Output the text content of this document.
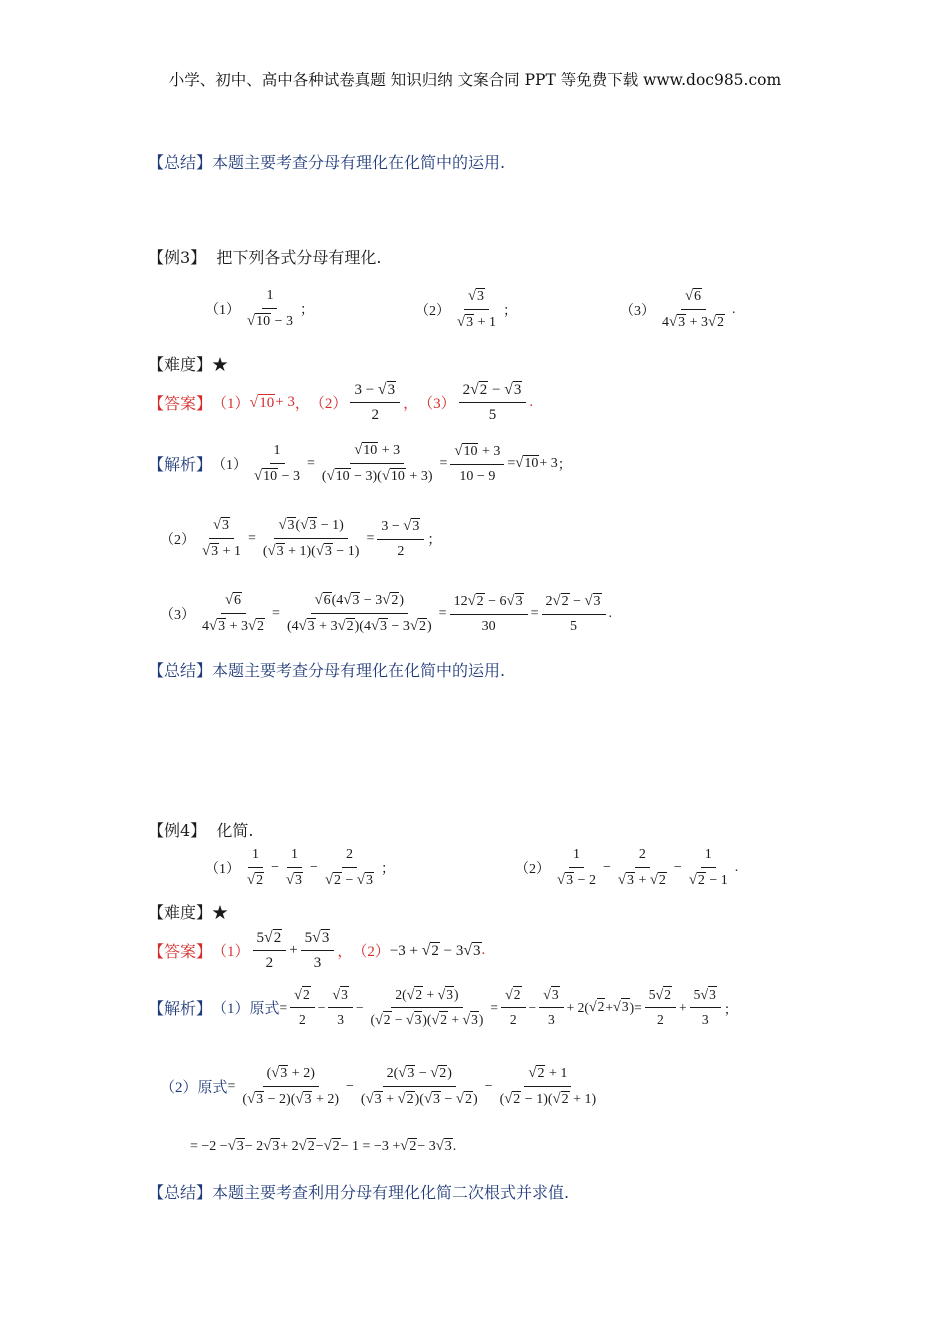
小学、初中、高中各种试卷真题 知识归纳 文案合同 PPT 等免费下载 www.doc985.com
【总结】本题主要考查分母有理化在化简中的运用.
【例3】 把下列各式分母有理化.
$(1) \frac{1}{√10 - 3}$ ；	$(2) \frac{√3}{√3 + 1}$ ；	$(3) \frac{√6}{4√3 + 3√2}$ .
【难度】★
【答案】 （1） √10 + 3 ， $(2) \frac{3 - √3}{2}$ ， $(3) \frac{2√2 - √3}{5}$ .
【解析】 $(1) \frac{1}{√10 - 3} = \frac{√10 + 3}{(√10 - 3)(√10 + 3)} = \frac{√10 + 3}{10 - 9} = √10 + 3$ ；
$(2) \frac{√3}{√3 + 1} = \frac{√3(√3 - 1)}{(√3 + 1)(√3 - 1)} = \frac{3 - √3}{2}$ ；
$(3) \frac{√6}{4√3 + 3√2} = \frac{√6(4√3 - 3√2)}{(4√3 + 3√2)(4√3 - 3√2)} = \frac{12√2 - 6√3}{30} = \frac{2√2 - √3}{5}$ .
【总结】本题主要考查分母有理化在化简中的运用.
【例4】 化简.
$(1) \frac{1}{√2} - \frac{1}{√3} - \frac{2}{√2 - √3}$ ；	$(2) \frac{1}{√3 - 2} - \frac{2}{√3 + √2} - \frac{1}{√2 - 1}$ .
【难度】★
【答案】 $(1) \frac{5√2}{2} + \frac{5√3}{3}$ ， （2） −3 + √2 − 3√3 .
【解析】 （1）原式 = $\frac{√2}{2} - \frac{√3}{3} - \frac{2(√2 + √3)}{(√2 - √3)(√2 + √3)} = \frac{√2}{2} - \frac{√3}{3} + 2$( √2 + √3 ) = $\frac{5√2}{2} + \frac{5√3}{3}$ ；
（2）原式 = $\frac{(√3 + 2)}{(√3 - 2)(√3 + 2)} - \frac{2(√3 - √2)}{(√3 + √2)(√3 - √2)} - \frac{√2 + 1}{(√2 - 1)(√2 + 1)}$
= −2 − √3 − 2 √3 + 2 √2 − √2 − 1 = −3 + √2 − 3 √3 .
【总结】本题主要考查利用分母有理化化简二次根式并求值.
